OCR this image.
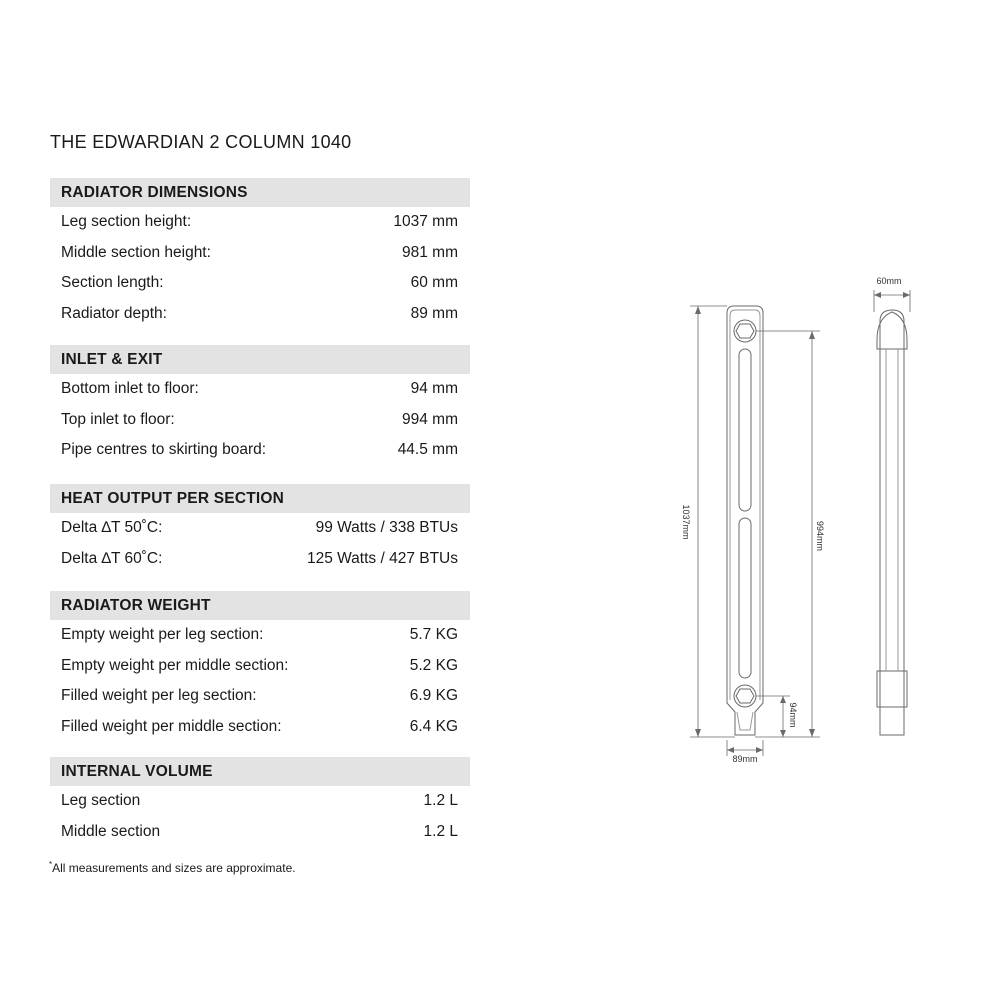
THE EDWARDIAN 2 COLUMN 1040
RADIATOR DIMENSIONS
Leg section height:	1037 mm
Middle section height:	981 mm
Section length:	60 mm
Radiator depth:	89 mm
INLET & EXIT
Bottom inlet to floor:	94 mm
Top inlet to floor:	994 mm
Pipe centres to skirting board:	44.5 mm
HEAT OUTPUT PER SECTION
Delta ∆T 50˚C:	99 Watts / 338 BTUs
Delta ∆T 60˚C:	125 Watts / 427 BTUs
RADIATOR WEIGHT
Empty weight per leg section:	5.7 KG
Empty weight per middle section:	5.2 KG
Filled weight per leg section:	6.9 KG
Filled weight per middle section:	6.4 KG
INTERNAL VOLUME
Leg section	1.2 L
Middle section	1.2 L
*All measurements and sizes are approximate.
1037mm	994mm
94mm
89mm
60mm
